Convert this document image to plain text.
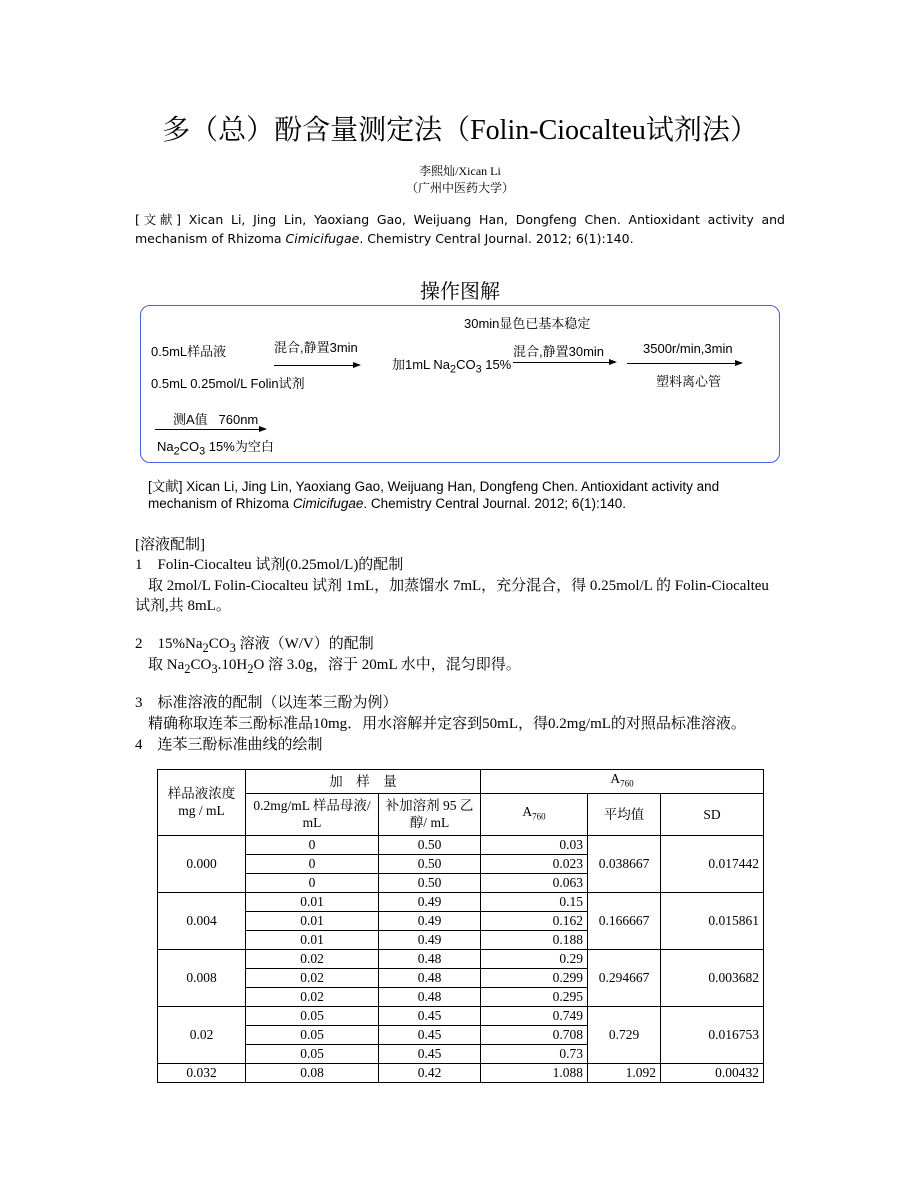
多（总）酚含量测定法（Folin-Ciocalteu试剂法）
李熙灿/Xican Li
（广州中医药大学）
[文献] Xican Li, Jing Lin, Yaoxiang Gao, Weijuang Han, Dongfeng Chen. Antioxidant activity and mechanism of Rhizoma Cimicifugae. Chemistry Central Journal. 2012; 6(1):140.
操作图解
0.5mL样品液
0.5mL 0.25mol/L Folin试剂
混合,静置3min
加1mL $Na_2CO_3$ 15%
30min显色已基本稳定
混合,静置30min	3500r/min,3min
塑料离心管
测A值   760nm
$Na_2CO_3$ 15%为空白
[文献] Xican Li, Jing Lin, Yaoxiang Gao, Weijuang Han, Dongfeng Chen. Antioxidant activity and
mechanism of Rhizoma Cimicifugae. Chemistry Central Journal. 2012; 6(1):140.
[溶液配制]
1 Folin-Ciocalteu 试剂(0.25mol/L)的配制
取 2mol/L Folin-Ciocalteu 试剂 1mL，加蒸馏水 7mL，充分混合，得 0.25mol/L 的 Folin-Ciocalteu
试剂,共 8mL。
2 $15\%Na_2CO_3$ 溶液（W/V）的配制
取 $Na_2CO_3.10H_2O$ 溶 3.0g，溶于 20mL 水中，混匀即得。
3 标准溶液的配制（以连苯三酚为例）
精确称取连苯三酚标准品10mg．用水溶解并定容到50mL，得0.2mg/mL的对照品标准溶液。
4 连苯三酚标准曲线的绘制
样品液浓度
mg / mL	加　样　量		$A_{760}$
	0.2mg/mL 样品母液/ mL	补加溶剂 95 乙醇/ mL	$A_{760}$	平均值	SD
0.000	0	0.50	0.03	0.038667	0.017442
	0	0.50	0.023		
	0	0.50	0.063		
0.004	0.01	0.49	0.15	0.166667	0.015861
	0.01	0.49	0.162		
	0.01	0.49	0.188		
0.008	0.02	0.48	0.29	0.294667	0.003682
	0.02	0.48	0.299		
	0.02	0.48	0.295		
0.02	0.05	0.45	0.749	0.729	0.016753
	0.05	0.45	0.708		
	0.05	0.45	0.73		
0.032	0.08	0.42	1.088	1.092	0.00432
